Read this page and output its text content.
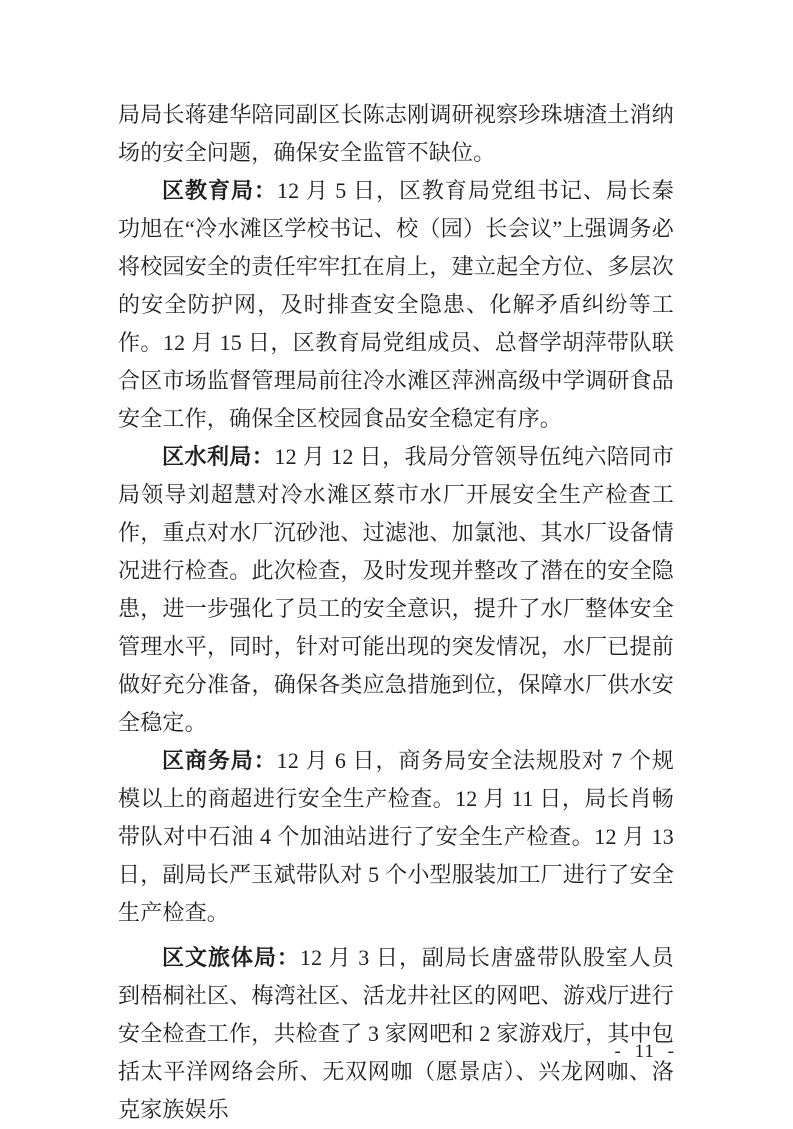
局局长蒋建华陪同副区长陈志刚调研视察珍珠塘渣土消纳场的安全问题，确保安全监管不缺位。

区教育局：12 月 5 日，区教育局党组书记、局长秦功旭在“冷水滩区学校书记、校（园）长会议”上强调务必将校园安全的责任牢牢扛在肩上，建立起全方位、多层次的安全防护网，及时排查安全隐患、化解矛盾纠纷等工作。12 月 15 日，区教育局党组成员、总督学胡萍带队联合区市场监督管理局前往冷水滩区萍洲高级中学调研食品安全工作，确保全区校园食品安全稳定有序。

区水利局：12 月 12 日，我局分管领导伍纯六陪同市局领导刘超慧对冷水滩区蔡市水厂开展安全生产检查工作，重点对水厂沉砂池、过滤池、加氯池、其水厂设备情况进行检查。此次检查，及时发现并整改了潜在的安全隐患，进一步强化了员工的安全意识，提升了水厂整体安全管理水平，同时，针对可能出现的突发情况，水厂已提前做好充分准备，确保各类应急措施到位，保障水厂供水安全稳定。

区商务局：12 月 6 日，商务局安全法规股对 7 个规模以上的商超进行安全生产检查。12 月 11 日，局长肖畅带队对中石油 4 个加油站进行了安全生产检查。12 月 13 日，副局长严玉斌带队对 5 个小型服装加工厂进行了安全生产检查。

区文旅体局：12 月 3 日，副局长唐盛带队股室人员到梧桐社区、梅湾社区、活龙井社区的网吧、游戏厅进行安全检查工作，共检查了 3 家网吧和 2 家游戏厅，其中包括太平洋网络会所、无双网咖（愿景店）、兴龙网咖、洛克家族娱乐

- 11 -
